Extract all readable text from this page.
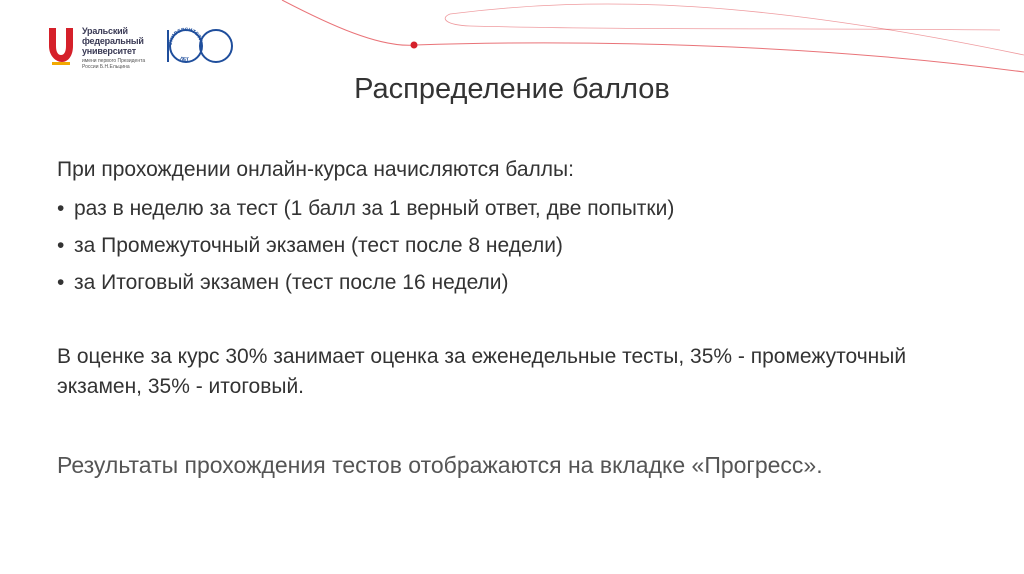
Уральский
федеральный
университет
имени первого Президента России Б.Н.Ельцина
УНИВЕРСИТЕТУ
ЛЕТ
Распределение баллов
При прохождении онлайн-курса начисляются баллы:
• раз в неделю за тест (1 балл за 1 верный ответ, две попытки)
• за Промежуточный экзамен (тест после 8 недели)
• за Итоговый экзамен (тест после 16 недели)
В оценке за курс 30% занимает оценка за еженедельные тесты, 35% - промежуточный экзамен, 35% - итоговый.
Результаты прохождения тестов отображаются на вкладке «Прогресс».
